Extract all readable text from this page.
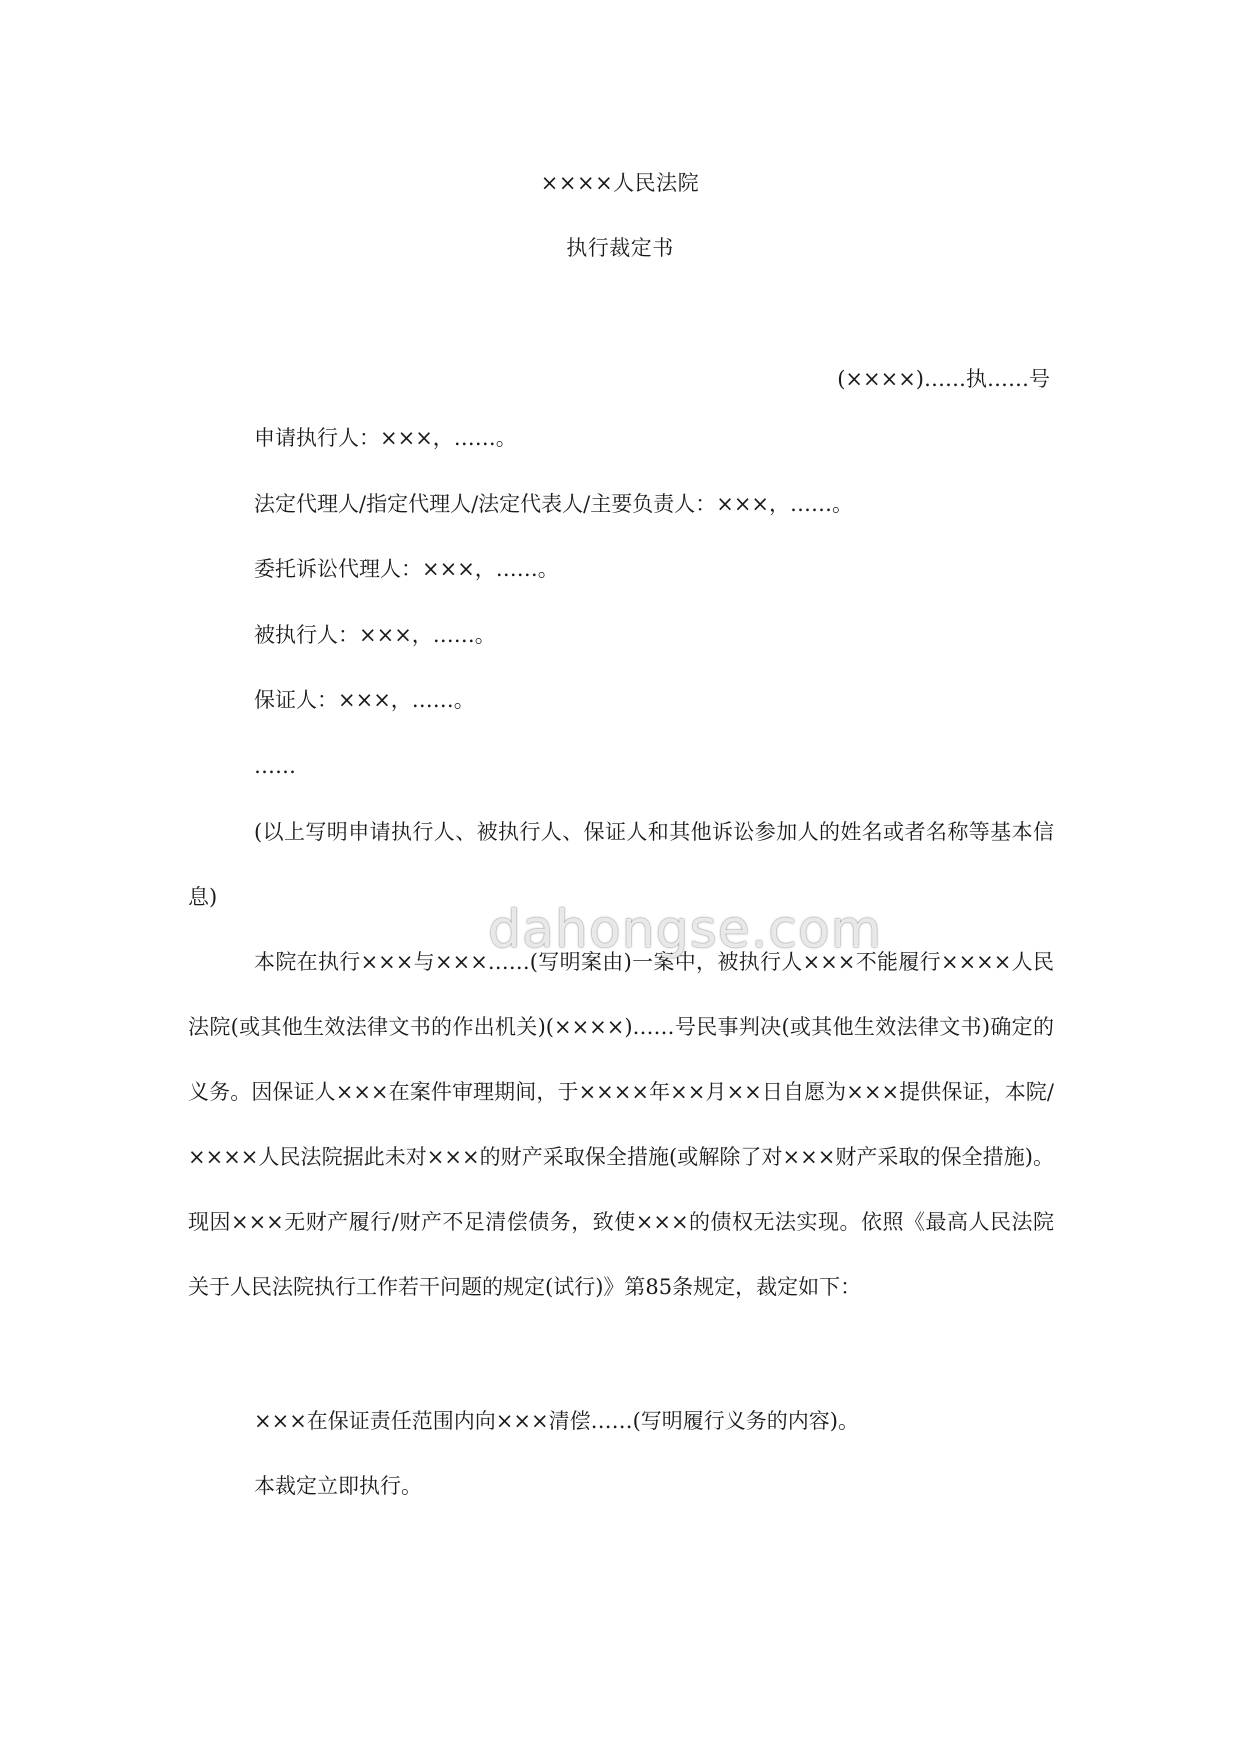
××××人民法院
执行裁定书
(××××)……执……号
申请执行人：×××，……。
法定代理人/指定代理人/法定代表人/主要负责人：×××，……。
委托诉讼代理人：×××，……。
被执行人：×××，……。
保证人：×××，……。
……

(以上写明申请执行人、被执行人、保证人和其他诉讼参加人的姓名或者名称等基本信息)

本院在执行×××与×××……(写明案由)一案中，被执行人×××不能履行××××人民法院(或其他生效法律文书的作出机关)(××××)……号民事判决(或其他生效法律文书)确定的义务。因保证人×××在案件审理期间，于××××年××月××日自愿为×××提供保证，本院/××××人民法院据此未对×××的财产采取保全措施(或解除了对×××财产采取的保全措施)。现因×××无财产履行/财产不足清偿债务，致使×××的债权无法实现。依照《最高人民法院关于人民法院执行工作若干问题的规定(试行)》第85条规定，裁定如下：

×××在保证责任范围内向×××清偿……(写明履行义务的内容)。
本裁定立即执行。
dahongse.com
